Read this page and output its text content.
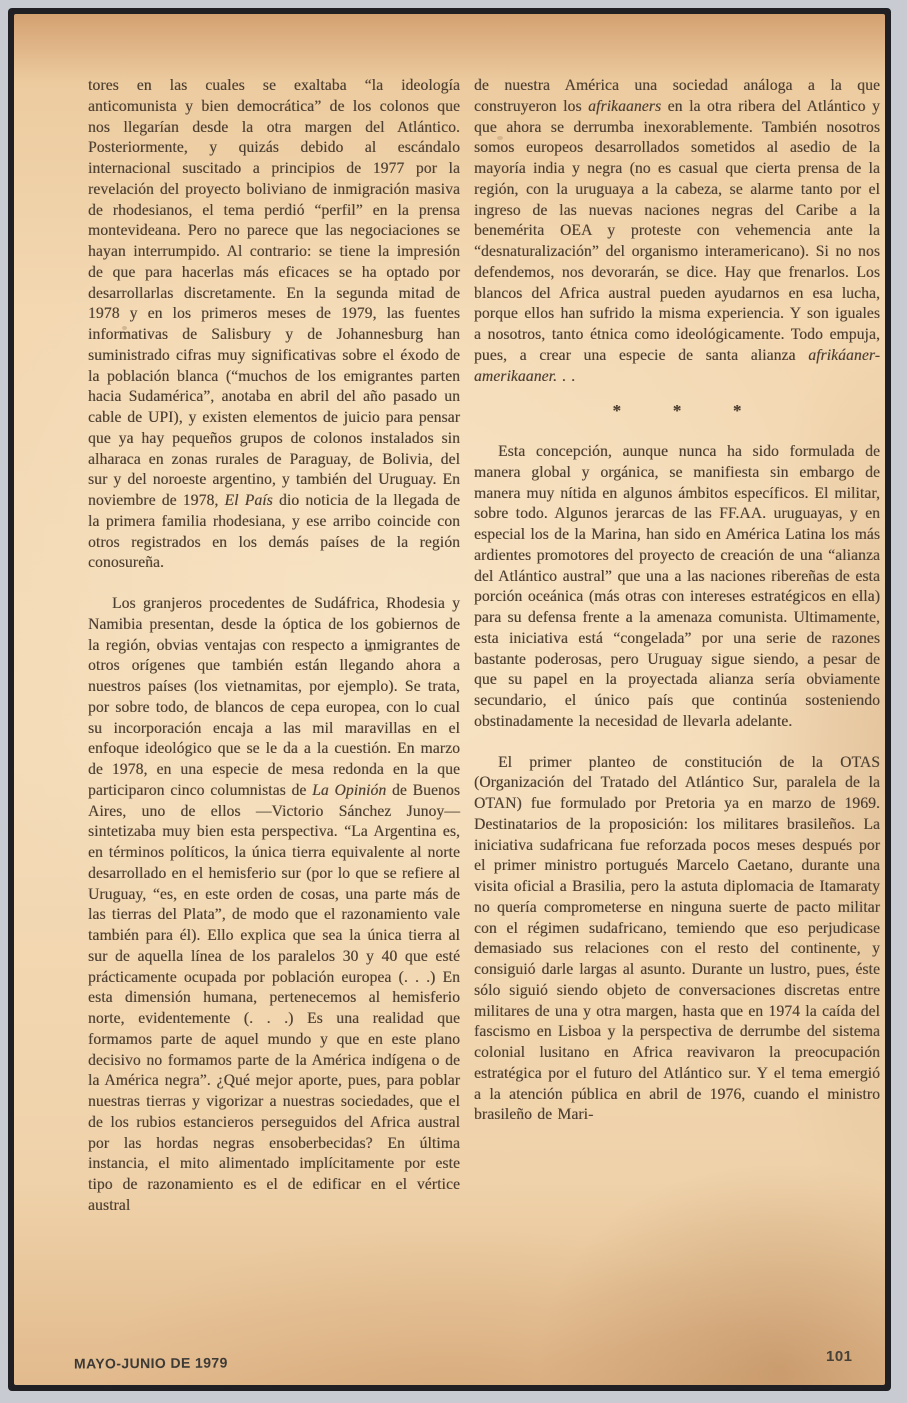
tores en las cuales se exaltaba “la ideología anticomunista y bien democrática” de los colonos que nos llegarían desde la otra margen del Atlántico. Posteriormente, y quizás debido al escándalo internacional suscitado a principios de 1977 por la revelación del proyecto boliviano de inmigración masiva de rhodesianos, el tema perdió “perfil” en la prensa montevideana. Pero no parece que las negociaciones se hayan interrumpido. Al contrario: se tiene la impresión de que para hacerlas más eficaces se ha optado por desarrollarlas discretamente. En la segunda mitad de 1978 y en los primeros meses de 1979, las fuentes informativas de Salisbury y de Johannesburg han suministrado cifras muy significativas sobre el éxodo de la población blanca (“muchos de los emigrantes parten hacia Sudamérica”, anotaba en abril del año pasado un cable de UPI), y existen elementos de juicio para pensar que ya hay pequeños grupos de colonos instalados sin alharaca en zonas rurales de Paraguay, de Bolivia, del sur y del noroeste argentino, y también del Uruguay. En noviembre de 1978, El País dio noticia de la llegada de la primera familia rhodesiana, y ese arribo coincide con otros registrados en los demás países de la región conosureña.

Los granjeros procedentes de Sudáfrica, Rhodesia y Namibia presentan, desde la óptica de los gobiernos de la región, obvias ventajas con respecto a inmigrantes de otros orígenes que también están llegando ahora a nuestros países (los vietnamitas, por ejemplo). Se trata, por sobre todo, de blancos de cepa europea, con lo cual su incorporación encaja a las mil maravillas en el enfoque ideológico que se le da a la cuestión. En marzo de 1978, en una especie de mesa redonda en la que participaron cinco columnistas de La Opinión de Buenos Aires, uno de ellos —Victorio Sánchez Junoy— sintetizaba muy bien esta perspectiva. “La Argentina es, en términos políticos, la única tierra equivalente al norte desarrollado en el hemisferio sur (por lo que se refiere al Uruguay, “es, en este orden de cosas, una parte más de las tierras del Plata”, de modo que el razonamiento vale también para él). Ello explica que sea la única tierra al sur de aquella línea de los paralelos 30 y 40 que esté prácticamente ocupada por población europea (. . .) En esta dimensión humana, pertenecemos al hemisferio norte, evidentemente (. . .) Es una realidad que formamos parte de aquel mundo y que en este plano decisivo no formamos parte de la América indígena o de la América negra”. ¿Qué mejor aporte, pues, para poblar nuestras tierras y vigorizar a nuestras sociedades, que el de los rubios estancieros perseguidos del Africa austral por las hordas negras ensoberbecidas? En última instancia, el mito alimentado implícitamente por este tipo de razonamiento es el de edificar en el vértice austral

de nuestra América una sociedad análoga a la que construyeron los afrikaaners en la otra ribera del Atlántico y que ahora se derrumba inexorablemente. También nosotros somos europeos desarrollados sometidos al asedio de la mayoría india y negra (no es casual que cierta prensa de la región, con la uruguaya a la cabeza, se alarme tanto por el ingreso de las nuevas naciones negras del Caribe a la benemérita OEA y proteste con vehemencia ante la “desnaturalización” del organismo interamericano). Si no nos defendemos, nos devorarán, se dice. Hay que frenarlos. Los blancos del Africa austral pueden ayudarnos en esa lucha, porque ellos han sufrido la misma experiencia. Y son iguales a nosotros, tanto étnica como ideológicamente. Todo empuja, pues, a crear una especie de santa alianza afrikáaner-amerikaaner. . .

*	*	*

Esta concepción, aunque nunca ha sido formulada de manera global y orgánica, se manifiesta sin embargo de manera muy nítida en algunos ámbitos específicos. El militar, sobre todo. Algunos jerarcas de las FF.AA. uruguayas, y en especial los de la Marina, han sido en América Latina los más ardientes promotores del proyecto de creación de una “alianza del Atlántico austral” que una a las naciones ribereñas de esta porción oceánica (más otras con intereses estratégicos en ella) para su defensa frente a la amenaza comunista. Ultimamente, esta iniciativa está “congelada” por una serie de razones bastante poderosas, pero Uruguay sigue siendo, a pesar de que su papel en la proyectada alianza sería obviamente secundario, el único país que continúa sosteniendo obstinadamente la necesidad de llevarla adelante.

El primer planteo de constitución de la OTAS (Organización del Tratado del Atlántico Sur, paralela de la OTAN) fue formulado por Pretoria ya en marzo de 1969. Destinatarios de la proposición: los militares brasileños. La iniciativa sudafricana fue reforzada pocos meses después por el primer ministro portugués Marcelo Caetano, durante una visita oficial a Brasilia, pero la astuta diplomacia de Itamaraty no quería comprometerse en ninguna suerte de pacto militar con el régimen sudafricano, temiendo que eso perjudicase demasiado sus relaciones con el resto del continente, y consiguió darle largas al asunto. Durante un lustro, pues, éste sólo siguió siendo objeto de conversaciones discretas entre militares de una y otra margen, hasta que en 1974 la caída del fascismo en Lisboa y la perspectiva de derrumbe del sistema colonial lusitano en Africa reavivaron la preocupación estratégica por el futuro del Atlántico sur. Y el tema emergió a la atención pública en abril de 1976, cuando el ministro brasileño de Mari-

MAYO-JUNIO DE 1979	101
